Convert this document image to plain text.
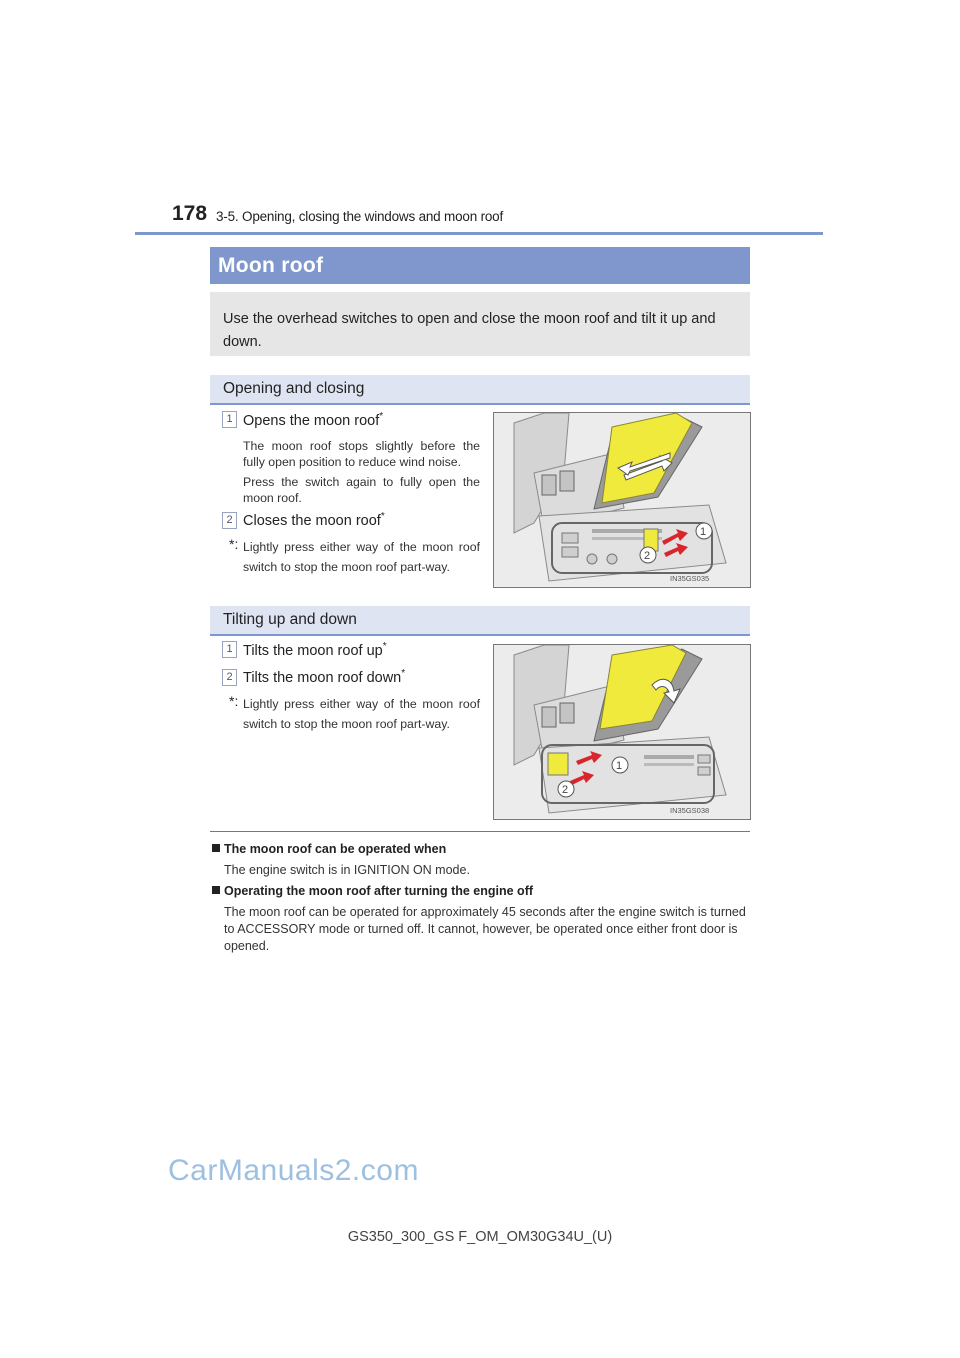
178 3-5. Opening, closing the windows and moon roof
Moon roof
Use the overhead switches to open and close the moon roof and tilt it up and down.
Opening and closing
1 Opens the moon roof*
The moon roof stops slightly before the fully open position to reduce wind noise.
Press the switch again to fully open the moon roof.
2 Closes the moon roof*
*: Lightly press either way of the moon roof switch to stop the moon roof part-way.
IN35GS035
1
2
Tilting up and down
1 Tilts the moon roof up*
2 Tilts the moon roof down*
*: Lightly press either way of the moon roof switch to stop the moon roof part-way.
IN35GS038
1
2
The moon roof can be operated when
The engine switch is in IGNITION ON mode.
Operating the moon roof after turning the engine off
The moon roof can be operated for approximately 45 seconds after the engine switch is turned to ACCESSORY mode or turned off. It cannot, however, be operated once either front door is opened.
CarManuals2.com
GS350_300_GS F_OM_OM30G34U_(U)
